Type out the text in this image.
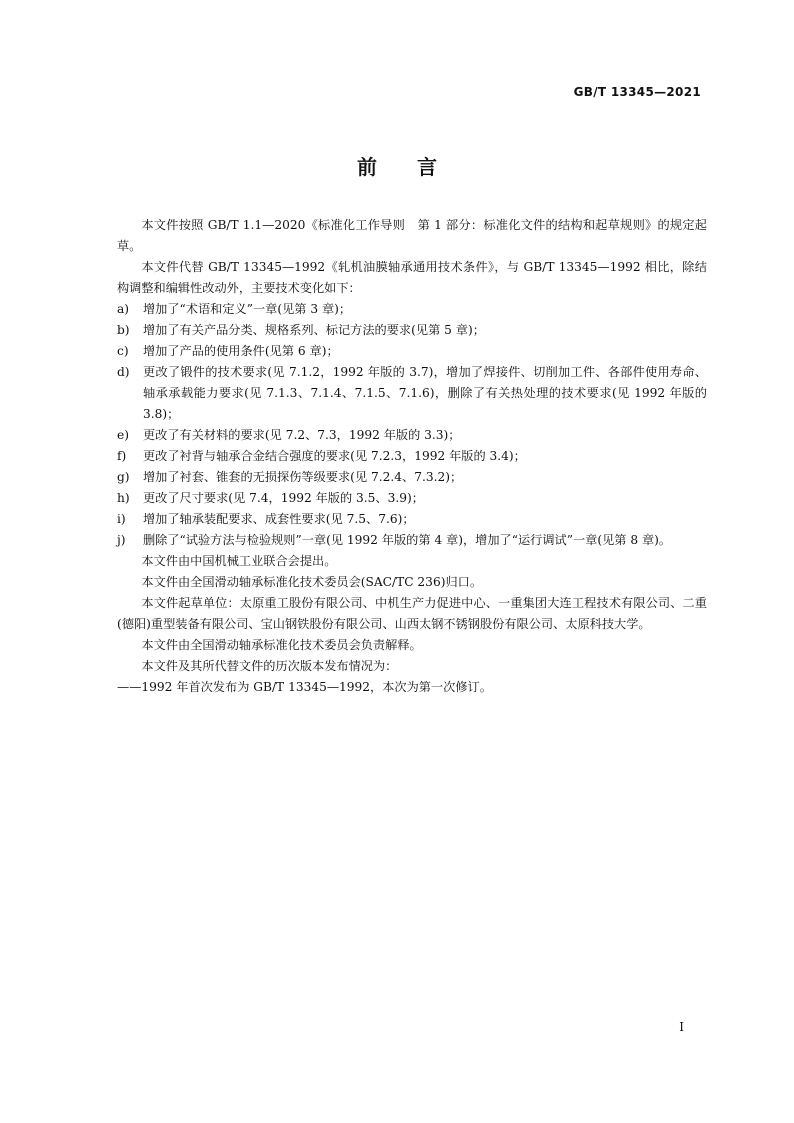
GB/T 13345—2021
前言

本文件按照 GB/T 1.1—2020《标准化工作导则　第 1 部分：标准化文件的结构和起草规则》的规定起草。

本文件代替 GB/T 13345—1992《轧机油膜轴承通用技术条件》，与 GB/T 13345—1992 相比，除结构调整和编辑性改动外，主要技术变化如下：

a)	增加了“术语和定义”一章(见第 3 章)；
b)	增加了有关产品分类、规格系列、标记方法的要求(见第 5 章)；
c)	增加了产品的使用条件(见第 6 章)；
d)	更改了锻件的技术要求(见 7.1.2，1992 年版的 3.7)，增加了焊接件、切削加工件、各部件使用寿命、轴承承载能力要求(见 7.1.3、7.1.4、7.1.5、7.1.6)，删除了有关热处理的技术要求(见 1992 年版的 3.8)；
e)	更改了有关材料的要求(见 7.2、7.3，1992 年版的 3.3)；
f)	更改了衬背与轴承合金结合强度的要求(见 7.2.3，1992 年版的 3.4)；
g)	增加了衬套、锥套的无损探伤等级要求(见 7.2.4、7.3.2)；
h)	更改了尺寸要求(见 7.4，1992 年版的 3.5、3.9)；
i)	增加了轴承装配要求、成套性要求(见 7.5、7.6)；
j)	删除了“试验方法与检验规则”一章(见 1992 年版的第 4 章)，增加了“运行调试”一章(见第 8 章)。

本文件由中国机械工业联合会提出。

本文件由全国滑动轴承标准化技术委员会(SAC/TC 236)归口。

本文件起草单位：太原重工股份有限公司、中机生产力促进中心、一重集团大连工程技术有限公司、二重(德阳)重型装备有限公司、宝山钢铁股份有限公司、山西太钢不锈钢股份有限公司、太原科技大学。

本文件由全国滑动轴承标准化技术委员会负责解释。

本文件及其所代替文件的历次版本发布情况为：

——1992 年首次发布为 GB/T 13345—1992，本次为第一次修订。

I
